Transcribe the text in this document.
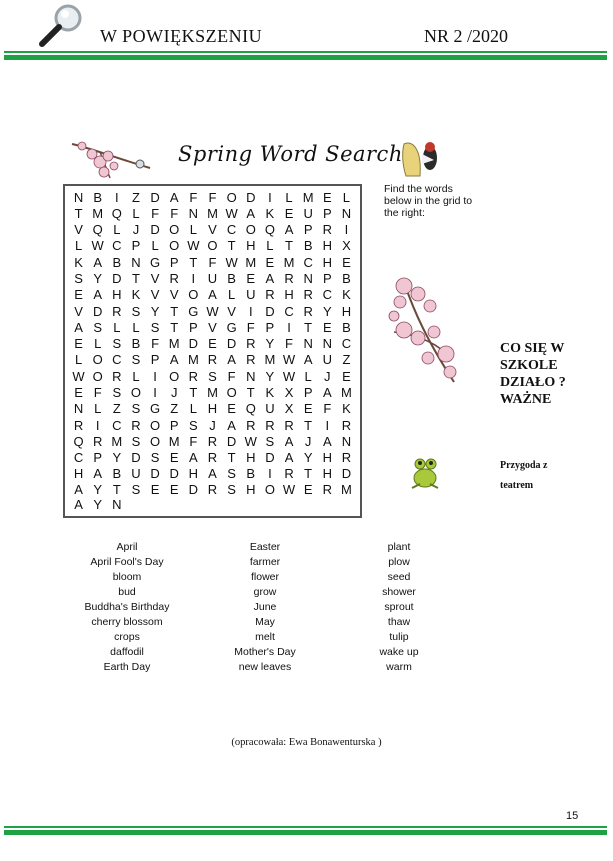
W POWIĘKSZENIU	NR 2 /2020
Spring Word Search
N B I	Z D A F F O D I	L M E L
T M Q L F F N M W A K E U P N
V Q L J D O L V C O Q A P R I
L W C P L O W O T H L T B H X
K A B N G P T F W M E M C H E
S Y D T V R I U B E A R N P B
E A H K V V O A L U R H R C K
V D R S Y T G W V I D C R Y H
A S L L S T P V G F P I	T E B
E L S B F M D E D R Y F N N C
L O C S P A M R A R M W A U Z
W O R L	I O R S F N Y W L J E
E F S O I	J T M O T K X P A M
N L Z S G Z L H E Q U X E F K
R I C R O P S J A R R R T	I R
Q R M S O M F R D W S A J A N
C P Y D S E A R T H D A Y H R
H A B U D D H A S B I R T H D
A Y T S E E D R S H O W E R M
A Y N
Find the words below in the grid to the right:
CO SIĘ W
SZKOLE
DZIAŁO ?
WAŻNE
Przygoda z
teatrem
April
April Fool's Day
bloom
bud
Buddha's Birthday
cherry blossom
crops
daffodil
Earth Day
Easter
farmer
flower
grow
June
May
melt
Mother's Day
new leaves
plant
plow
seed
shower
sprout
thaw
tulip
wake up
warm
(opracowała: Ewa Bonawenturska )
15
